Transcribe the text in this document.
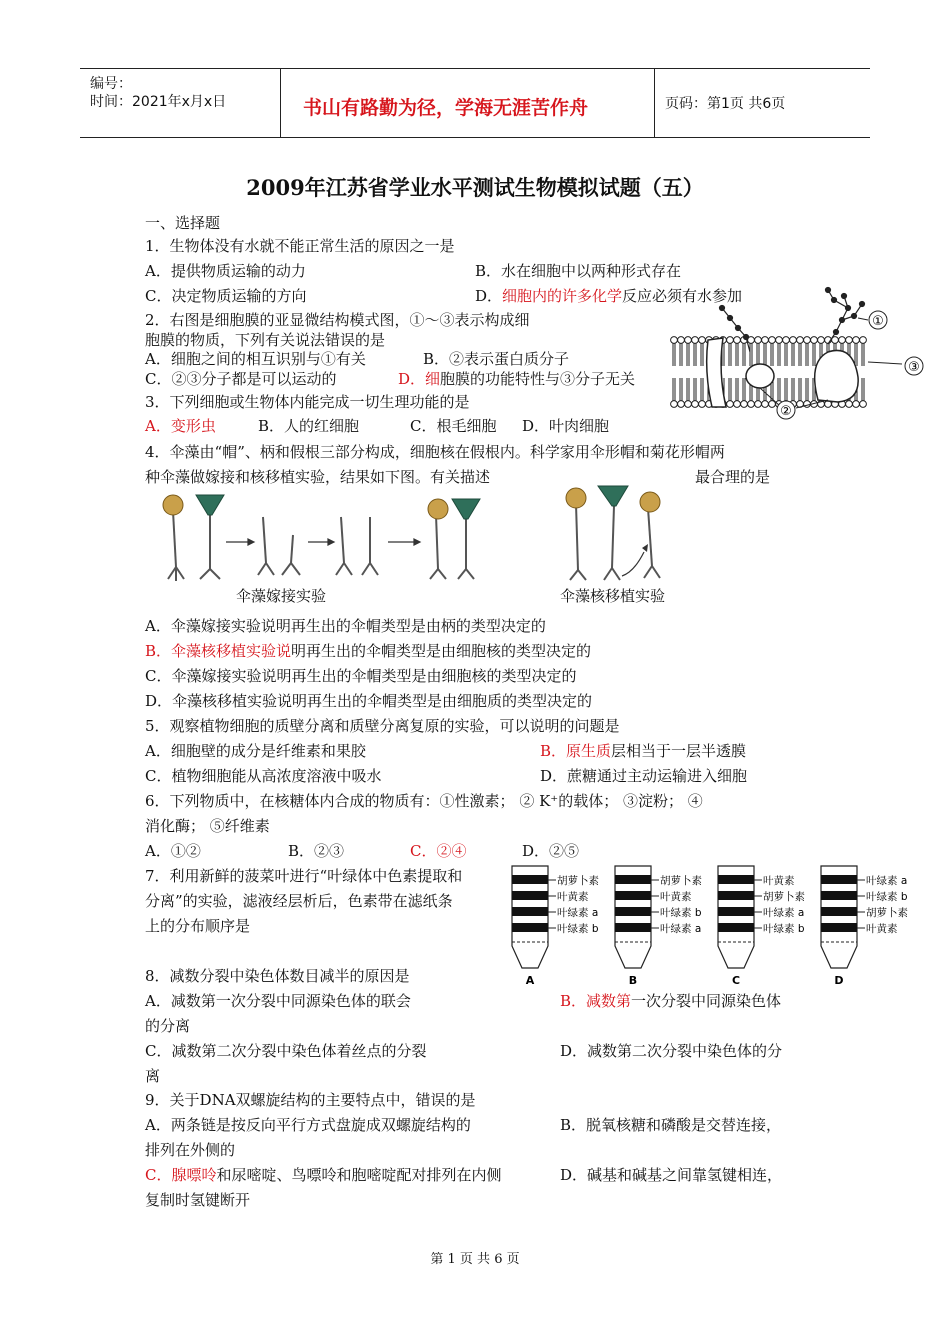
编号：
时间：2021年x月x日	书山有路勤为径，学海无涯苦作舟	页码：第1页 共6页
2009年江苏省学业水平测试生物模拟试题（五）
一、选择题
1．生物体没有水就不能正常生活的原因之一是
A．提供物质运输的动力	B．水在细胞中以两种形式存在
C．决定物质运输的方向	D．细胞内的许多化学反应必须有水参加
2．右图是细胞膜的亚显微结构模式图，①～③表示构成细
胞膜的物质，下列有关说法错误的是
A．细胞之间的相互识别与①有关	B．②表示蛋白质分子
C．②③分子都是可以运动的	D．细胞膜的功能特性与③分子无关
①
③
②
3．下列细胞或生物体内能完成一切生理功能的是
A．变形虫	B．人的红细胞	C．根毛细胞 D．叶肉细胞
4．伞藻由“帽”、柄和假根三部分构成，细胞核在假根内。科学家用伞形帽和菊花形帽两
种伞藻做嫁接和核移植实验，结果如下图。有关描述	最合理的是
伞藻嫁接实验	伞藻核移植实验
A．伞藻嫁接实验说明再生出的伞帽类型是由柄的类型决定的
B．伞藻核移植实验说明再生出的伞帽类型是由细胞核的类型决定的
C．伞藻嫁接实验说明再生出的伞帽类型是由细胞核的类型决定的
D．伞藻核移植实验说明再生出的伞帽类型是由细胞质的类型决定的
5．观察植物细胞的质壁分离和质壁分离复原的实验，可以说明的问题是
A．细胞壁的成分是纤维素和果胶	B．原生质层相当于一层半透膜
C．植物细胞能从高浓度溶液中吸水	D．蔗糖通过主动运输进入细胞
6．下列物质中，在核糖体内合成的物质有：①性激素； ② K⁺的载体； ③淀粉； ④
消化酶； ⑤纤维素
A．①②	B．②③	C．②④	D．②⑤
7．利用新鲜的菠菜叶进行“叶绿体中色素提取和
分离”的实验，滤液经层析后，色素带在滤纸条
上的分布顺序是
胡萝卜素
叶黄素
叶绿素 a
叶绿素 b
A
胡萝卜素
叶黄素
叶绿素 b
叶绿素 a
B
叶黄素
胡萝卜素
叶绿素 a
叶绿素 b
C
叶绿素 a
叶绿素 b
胡萝卜素
叶黄素
D
8．减数分裂中染色体数目减半的原因是
A．减数第一次分裂中同源染色体的联会	B．减数第一次分裂中同源染色体
的分离
C．减数第二次分裂中染色体着丝点的分裂	D．减数第二次分裂中染色体的分
离
9．关于DNA双螺旋结构的主要特点中，错误的是
A．两条链是按反向平行方式盘旋成双螺旋结构的	B．脱氧核糖和磷酸是交替连接，
排列在外侧的
C．腺嘌呤和尿嘧啶、鸟嘌呤和胞嘧啶配对排列在内侧	D．碱基和碱基之间靠氢键相连，
复制时氢键断开
第 1 页 共 6 页
